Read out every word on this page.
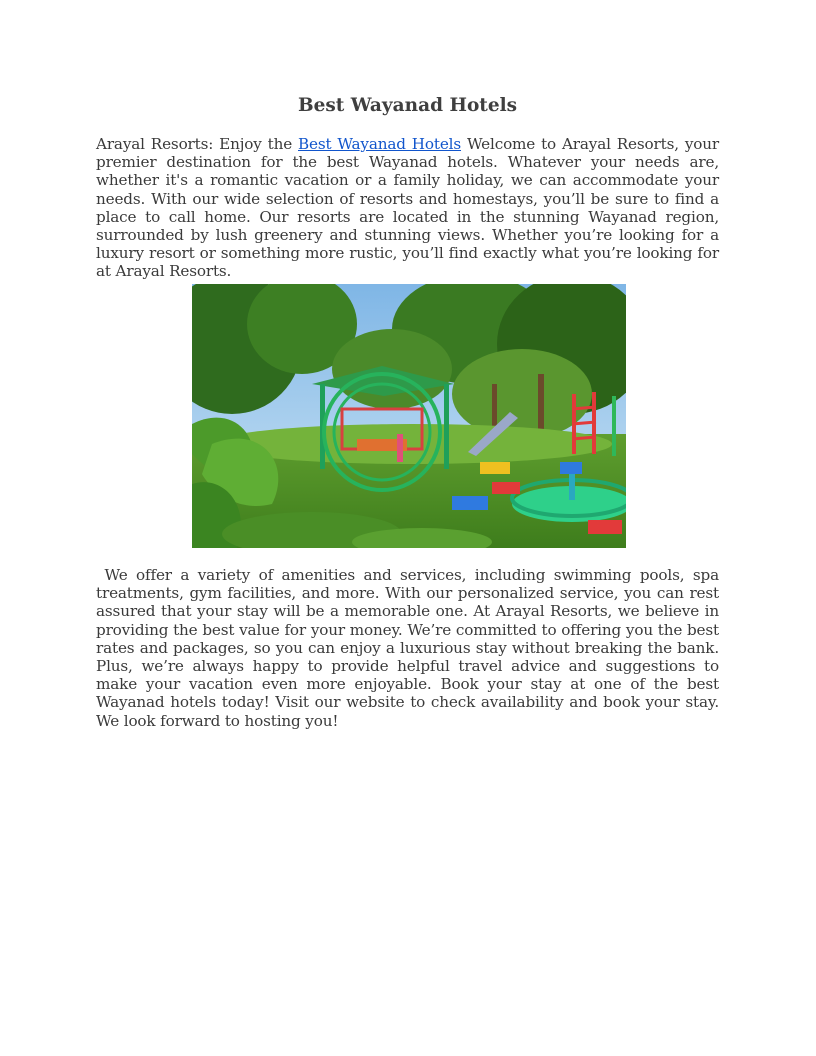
Best Wayanad Hotels

Arayal Resorts: Enjoy the Best Wayanad Hotels Welcome to Arayal Resorts, your premier destination for the best Wayanad hotels. Whatever your needs are, whether it's a romantic vacation or a family holiday, we can accommodate your needs. With our wide selection of resorts and homestays, you’ll be sure to find a place to call home. Our resorts are located in the stunning Wayanad region, surrounded by lush greenery and stunning views. Whether you’re looking for a luxury resort or something more rustic, you’ll find exactly what you’re looking for at Arayal Resorts.

We offer a variety of amenities and services, including swimming pools, spa treatments, gym facilities, and more. With our personalized service, you can rest assured that your stay will be a memorable one. At Arayal Resorts, we believe in providing the best value for your money. We’re committed to offering you the best rates and packages, so you can enjoy a luxurious stay without breaking the bank. Plus, we’re always happy to provide helpful travel advice and suggestions to make your vacation even more enjoyable. Book your stay at one of the best Wayanad hotels today! Visit our website to check availability and book your stay. We look forward to hosting you!
